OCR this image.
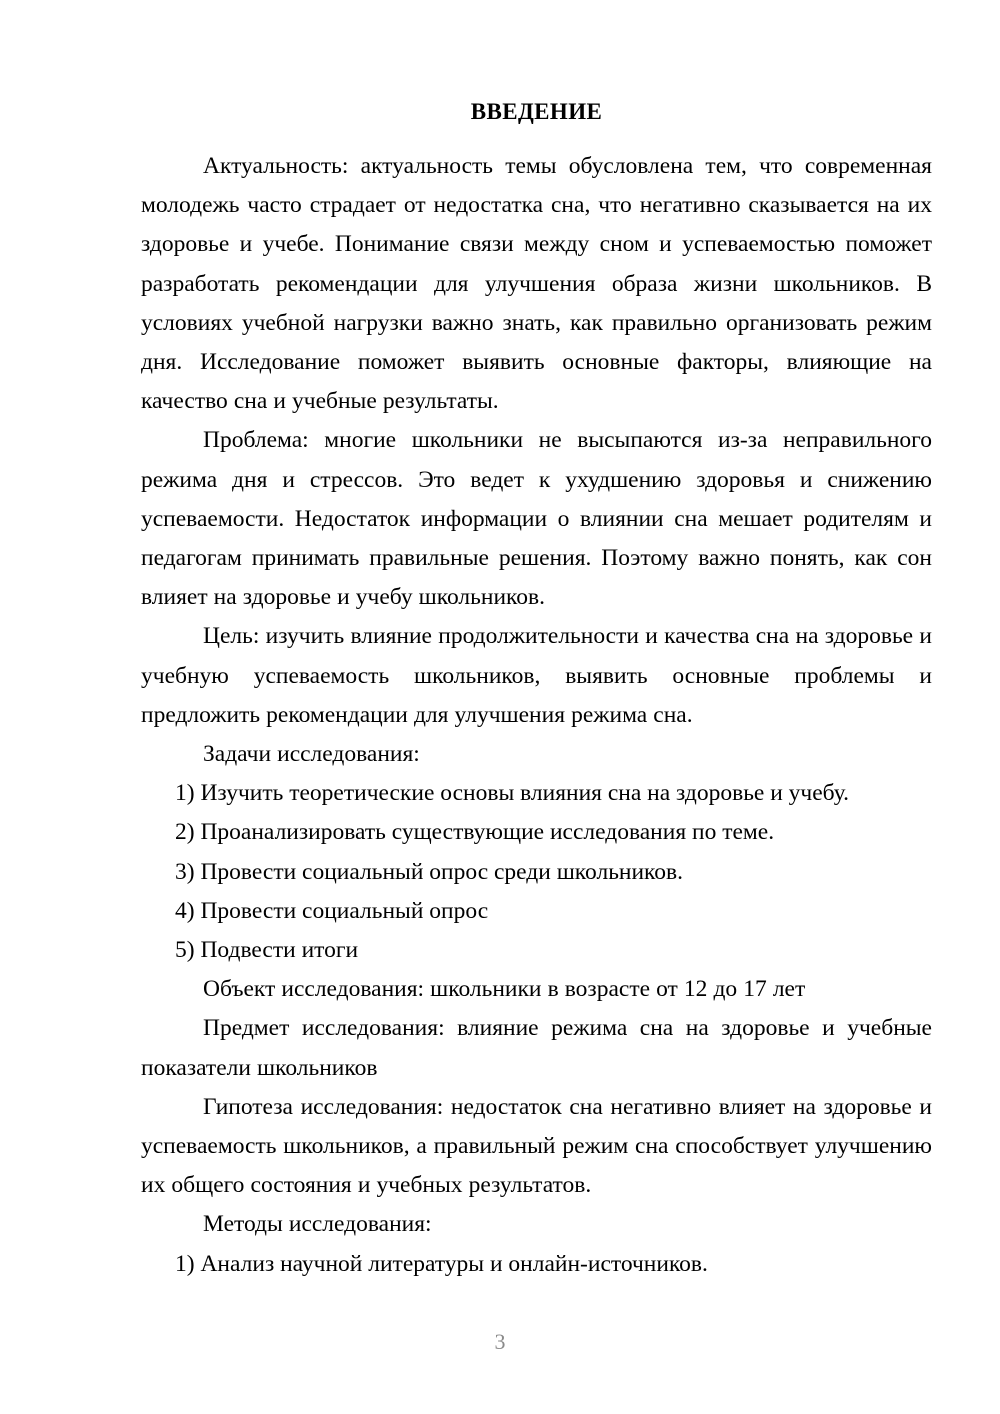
ВВЕДЕНИЕ

Актуальность: актуальность темы обусловлена тем, что современная молодежь часто страдает от недостатка сна, что негативно сказывается на их здоровье и учебе. Понимание связи между сном и успеваемостью поможет разработать рекомендации для улучшения образа жизни школьников. В условиях учебной нагрузки важно знать, как правильно организовать режим дня. Исследование поможет выявить основные факторы, влияющие на качество сна и учебные результаты.

Проблема: многие школьники не высыпаются из-за неправильного режима дня и стрессов. Это ведет к ухудшению здоровья и снижению успеваемости. Недостаток информации о влиянии сна мешает родителям и педагогам принимать правильные решения. Поэтому важно понять, как сон влияет на здоровье и учебу школьников.

Цель: изучить влияние продолжительности и качества сна на здоровье и учебную успеваемость школьников, выявить основные проблемы и предложить рекомендации для улучшения режима сна.

Задачи исследования:

1) Изучить теоретические основы влияния сна на здоровье и учебу.
2) Проанализировать существующие исследования по теме.
3) Провести социальный опрос среди школьников.
4) Провести социальный опрос
5) Подвести итоги

Объект исследования: школьники в возрасте от 12 до 17 лет

Предмет исследования: влияние режима сна на здоровье и учебные показатели школьников

Гипотеза исследования: недостаток сна негативно влияет на здоровье и успеваемость школьников, а правильный режим сна способствует улучшению их общего состояния и учебных результатов.

Методы исследования:

1) Анализ научной литературы и онлайн-источников.
3
